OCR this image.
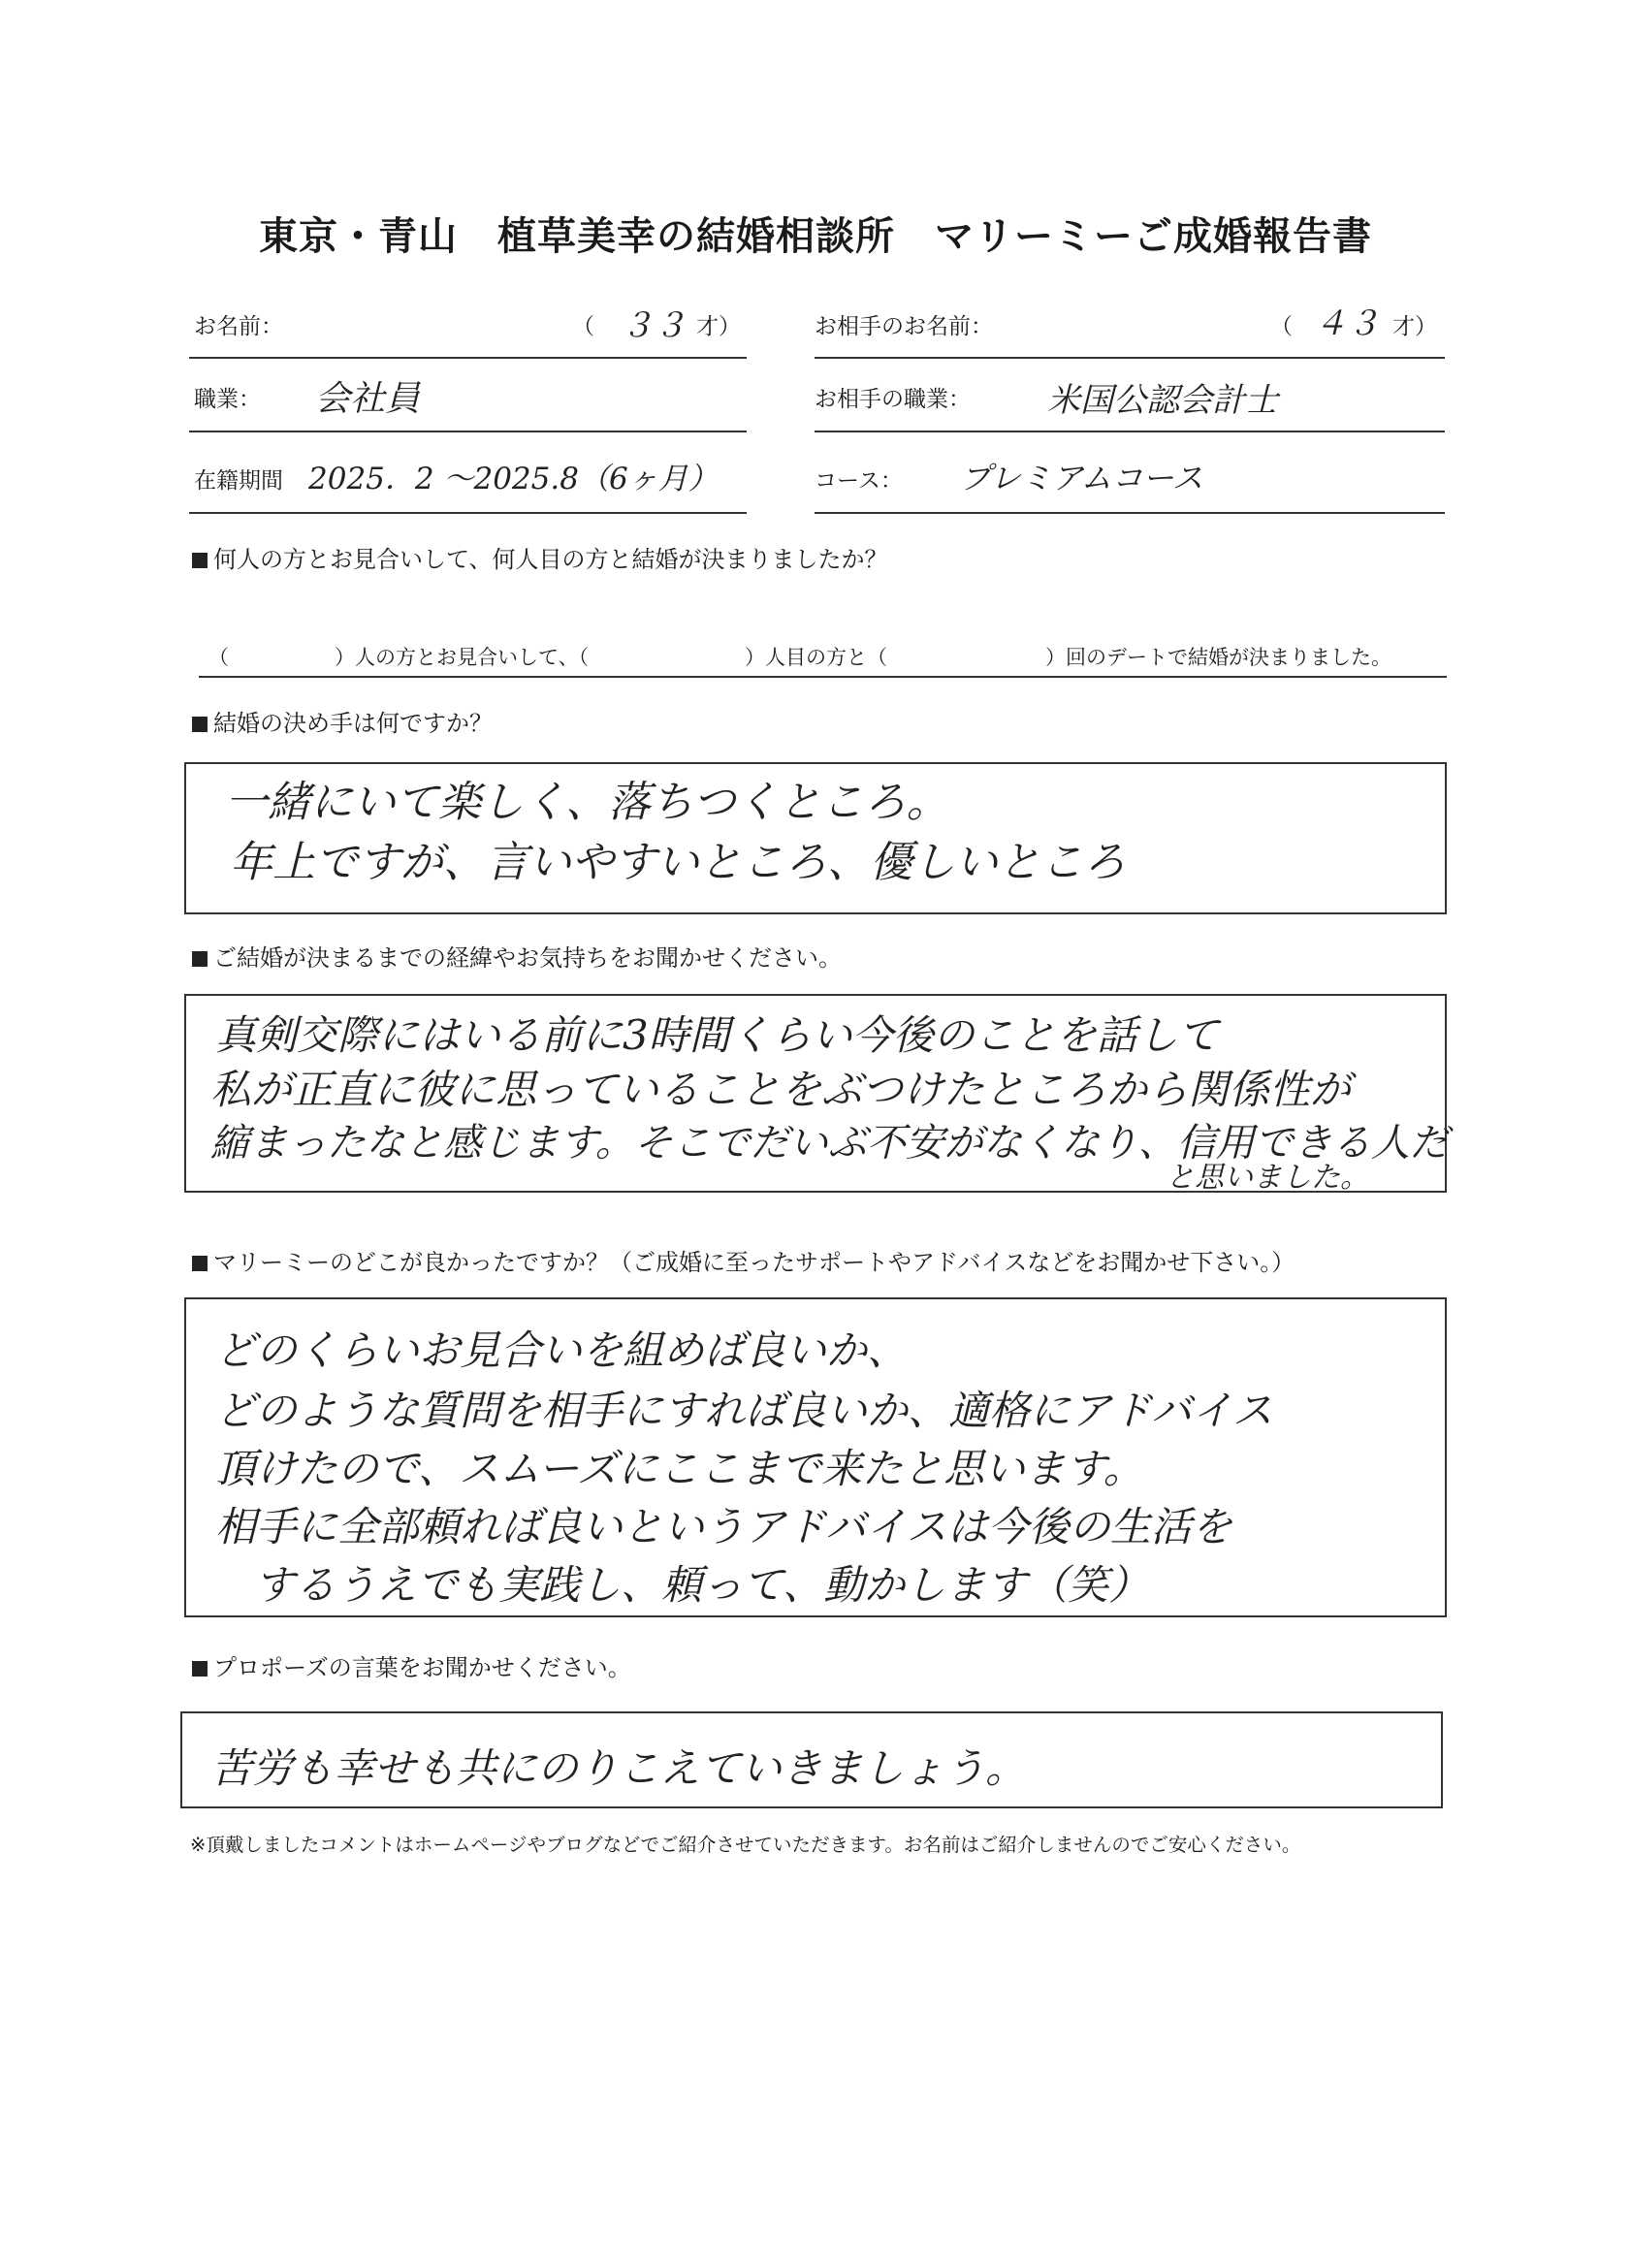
東京・青山　植草美幸の結婚相談所　マリーミーご成婚報告書
お名前：	（ ３３ 才）	お相手のお名前：	（ ４３ 才）
職業： 会社員	お相手の職業： 米国公認会計士
在籍期間 2025．2 〜2025.8（6ヶ月）	コース： プレミアムコース
何人の方とお見合いして、何人目の方と結婚が決まりましたか？
（	）人の方とお見合いして、（	）人目の方と（	）回のデートで結婚が決まりました。
結婚の決め手は何ですか？
一緒にいて楽しく、落ちつくところ。
年上ですが、言いやすいところ、優しいところ
ご結婚が決まるまでの経緯やお気持ちをお聞かせください。
真剣交際にはいる前に3時間くらい今後のことを話して
私が正直に彼に思っていることをぶつけたところから関係性が
縮まったなと感じます。そこでだいぶ不安がなくなり、信用できる人だ
と思いました。
マリーミーのどこが良かったですか？（ご成婚に至ったサポートやアドバイスなどをお聞かせ下さい。）
どのくらいお見合いを組めば良いか、
どのような質問を相手にすれば良いか、適格にアドバイス
頂けたので、スムーズにここまで来たと思います。
相手に全部頼れば良いというアドバイスは今後の生活を
するうえでも実践し、頼って、動かします（笑）
プロポーズの言葉をお聞かせください。
苦労も幸せも共にのりこえていきましょう。
※頂戴しましたコメントはホームページやブログなどでご紹介させていただきます。お名前はご紹介しませんのでご安心ください。
